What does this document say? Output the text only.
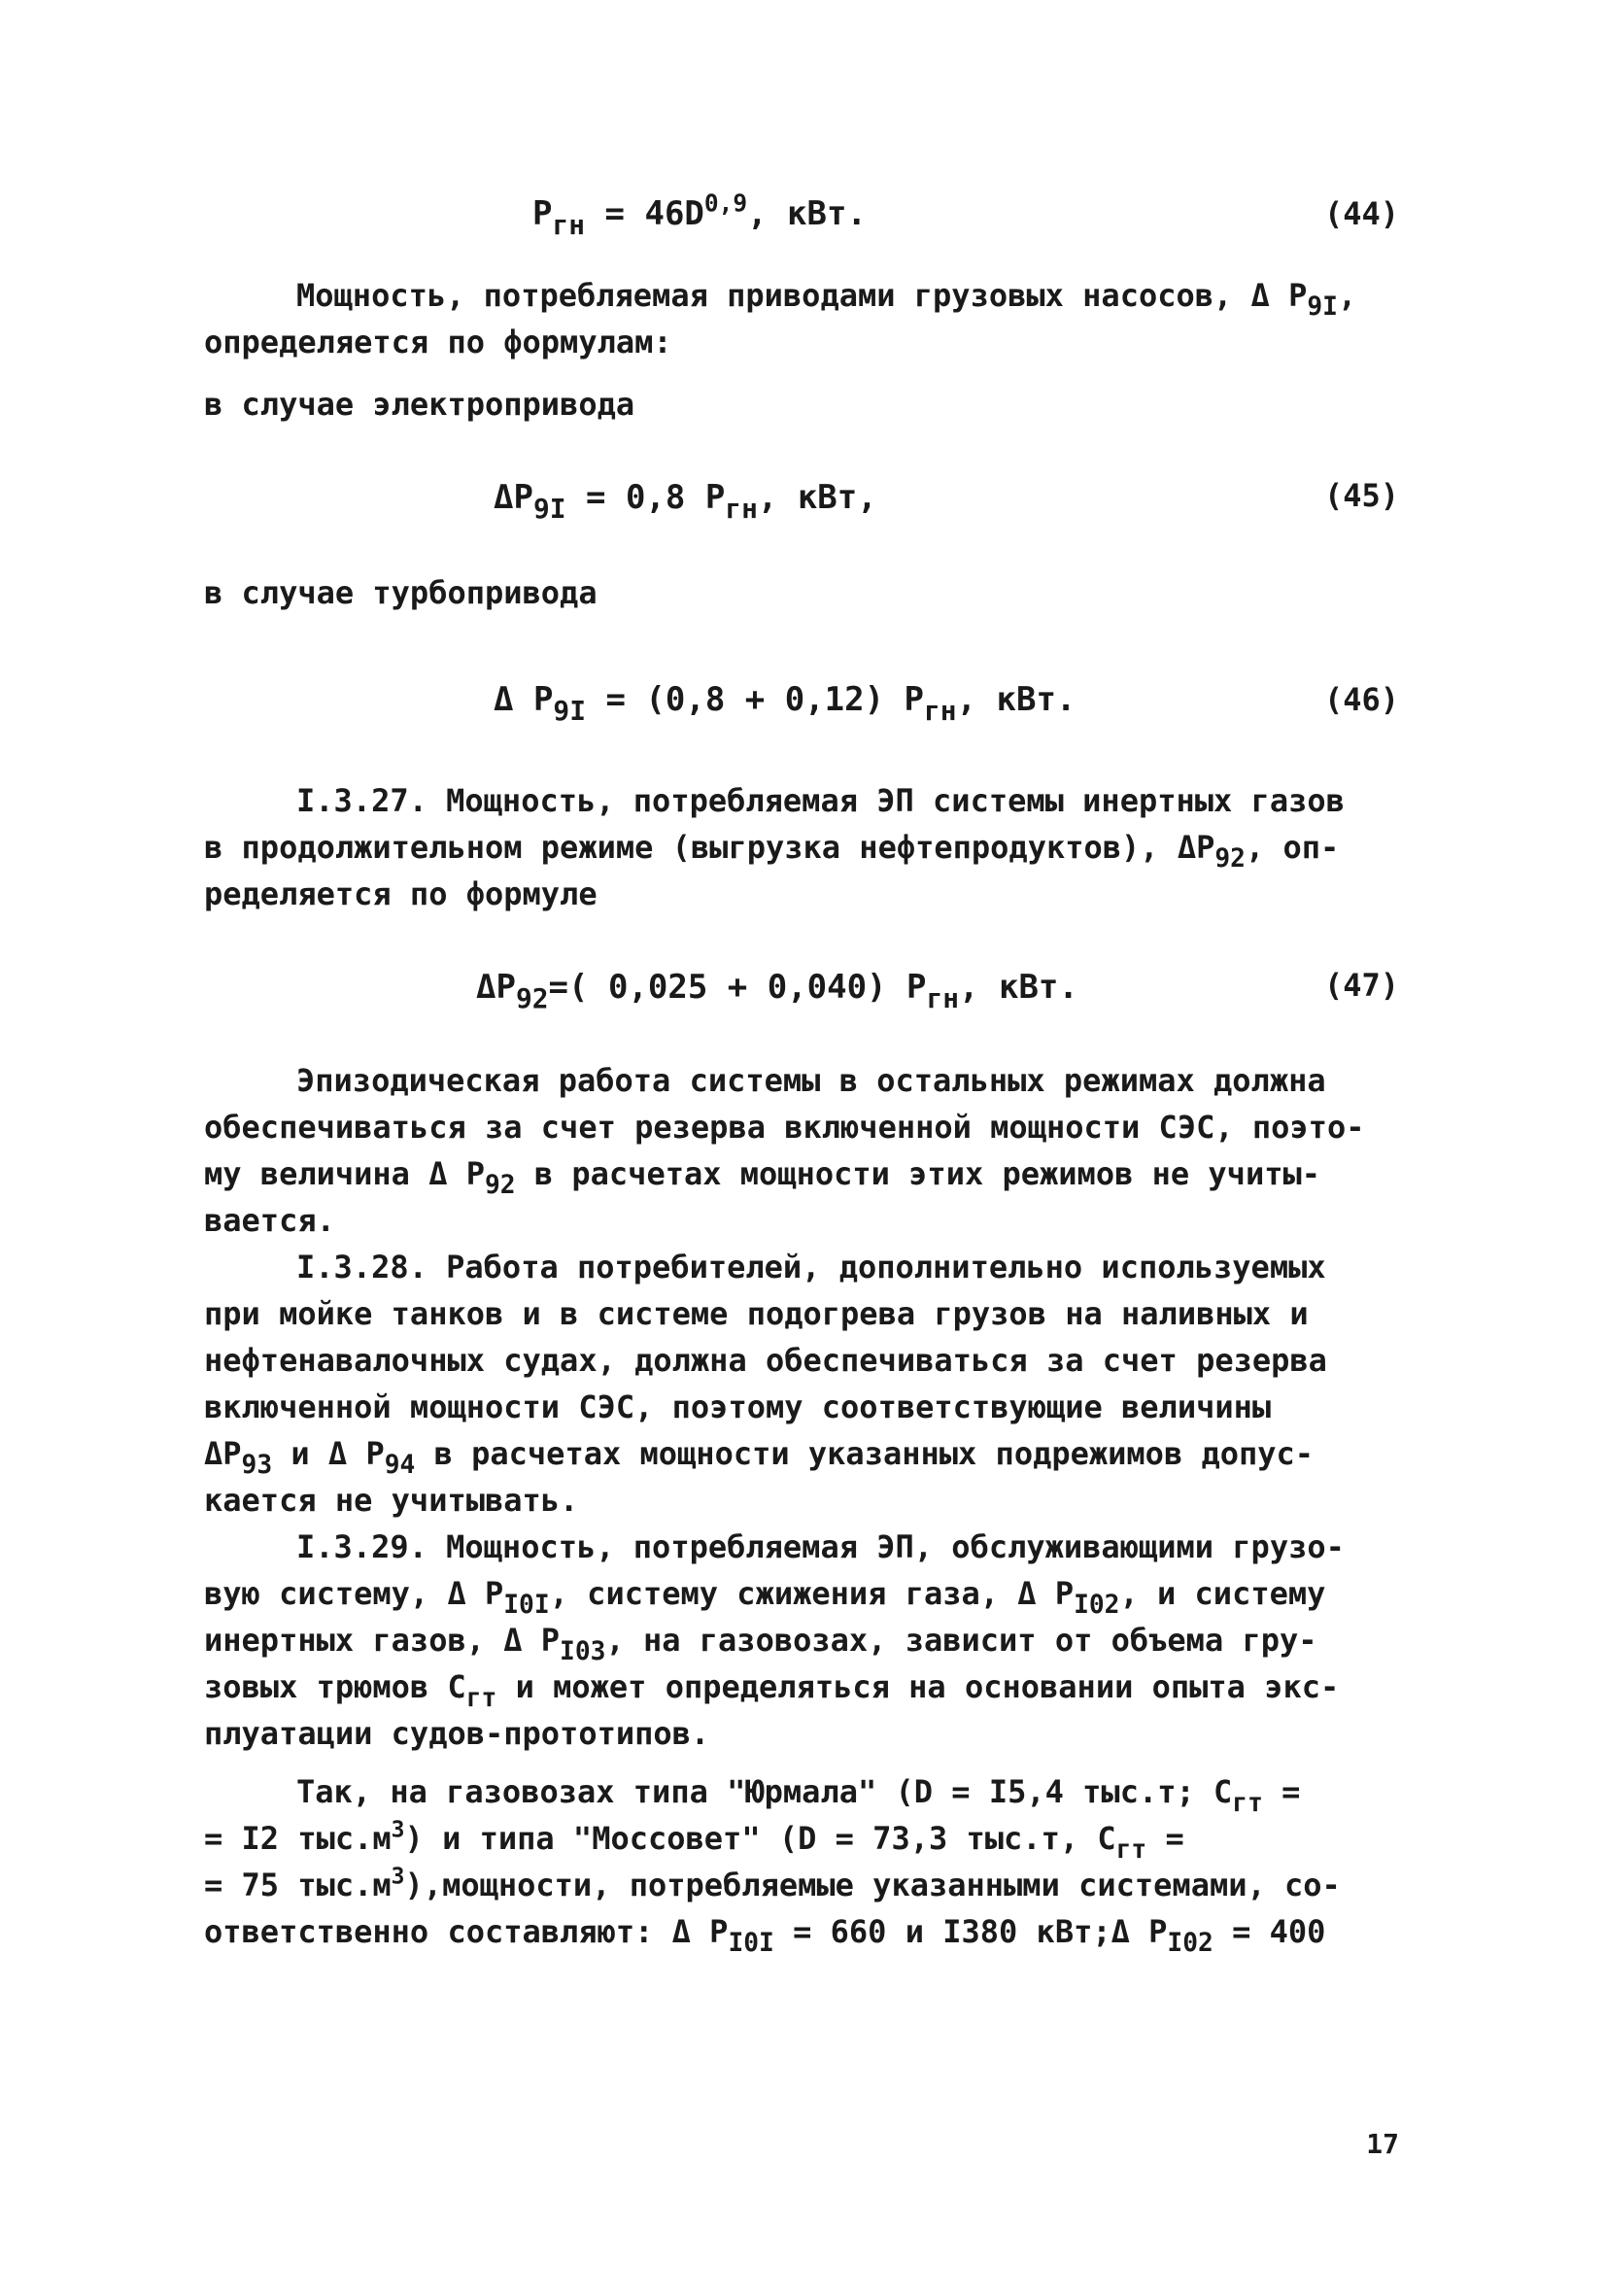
$P_{гн} = 46D^{0,9}$, кВт.	(44)
Мощность, потребляемая приводами грузовых насосов, Δ $P_{9I}$,
определяется по формулам:
в случае электропривода
$\Delta P_{9I} = 0,8$ $P_{гн}$, кВт,	(45)
в случае турбопривода
Δ $P_{9I} = (0,8 + 0,12)$ $P_{гн}$, кВт.	(46)
I.3.27. Мощность, потребляемая ЭП системы инертных газов
в продолжительном режиме (выгрузка нефтепродуктов), $\Delta P_{92}$, оп-
ределяется по формуле
$\Delta P_{92}=$( 0,025 + 0,040) $P_{гн}$, кВт.	(47)
Эпизодическая работа системы в остальных режимах должна
обеспечиваться за счет резерва включенной мощности СЭС, поэто-
му величина Δ $P_{92}$ в расчетах мощности этих режимов не учиты-
вается.
I.3.28. Работа потребителей, дополнительно используемых
при мойке танков и в системе подогрева грузов на наливных и
нефтенавалочных судах, должна обеспечиваться за счет резерва
включенной мощности СЭС, поэтому соответствующие величины
$\Delta P_{93}$ и Δ $P_{94}$ в расчетах мощности указанных подрежимов допус-
кается не учитывать.
I.3.29. Мощность, потребляемая ЭП, обслуживающими грузо-
вую систему, Δ $P_{I0I}$, систему сжижения газа, Δ $P_{I02}$, и систему
инертных газов, Δ $P_{I03}$, на газовозах, зависит от объема гру-
зовых трюмов $C_{гт}$ и может определяться на основании опыта экс-
плуатации судов-прототипов.
Так, на газовозах типа "Юрмала" (D = I5,4 тыс.т; $C_{гт}$ =
= I2 $тыс.м^3$) и типа "Моссовет" (D = 73,3 тыс.т, $C_{гт}$ =
= 75 $тыс.м^3),мощности$, потребляемые указанными системами, со-
ответственно составляют: Δ $P_{I0I} = 660$ и I380 кВт;Δ $P_{I02} = 400$
17
